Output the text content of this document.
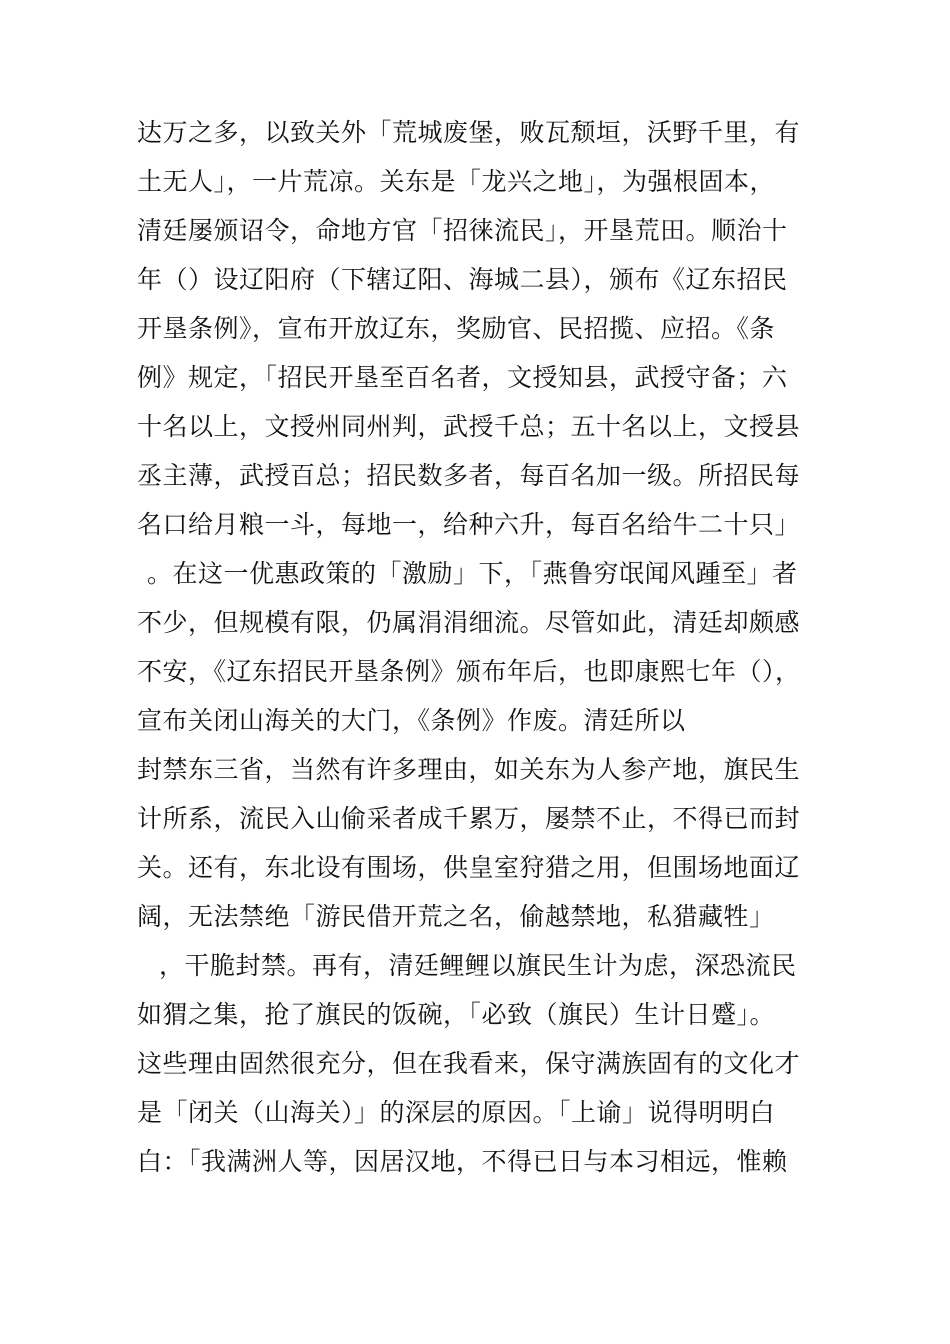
达万之多，以致关外「荒城废堡，败瓦颓垣，沃野千里，有
土无人」，一片荒凉。关东是「龙兴之地」，为强根固本，
清廷屡颁诏令，命地方官「招徕流民」，开垦荒田。顺治十
年（）设辽阳府（下辖辽阳、海城二县），颁布《辽东招民
开垦条例》，宣布开放辽东，奖励官、民招揽、应招。《条
例》规定，「招民开垦至百名者，文授知县，武授守备；六
十名以上，文授州同州判，武授千总；五十名以上，文授县
丞主薄，武授百总；招民数多者，每百名加一级。所招民每
名口给月粮一斗，每地一，给种六升，每百名给牛二十只」
。在这一优惠政策的「激励」下，「燕鲁穷氓闻风踵至」者
不少，但规模有限，仍属涓涓细流。尽管如此，清廷却颇感
不安，《辽东招民开垦条例》颁布年后，也即康熙七年（），
宣布关闭山海关的大门，《条例》作废。清廷所以
封禁东三省，当然有许多理由，如关东为人参产地，旗民生
计所系，流民入山偷采者成千累万，屡禁不止，不得已而封
关。还有，东北设有围场，供皇室狩猎之用，但围场地面辽
阔，无法禁绝「游民借开荒之名，偷越禁地，私猎藏牲」
，干脆封禁。再有，清廷鲤鲤以旗民生计为虑，深恐流民
如猬之集，抢了旗民的饭碗，「必致（旗民）生计日蹙」。
这些理由固然很充分，但在我看来，保守满族固有的文化才
是「闭关（山海关）」的深层的原因。「上谕」说得明明白
白：「我满洲人等，因居汉地，不得已日与本习相远，惟赖
